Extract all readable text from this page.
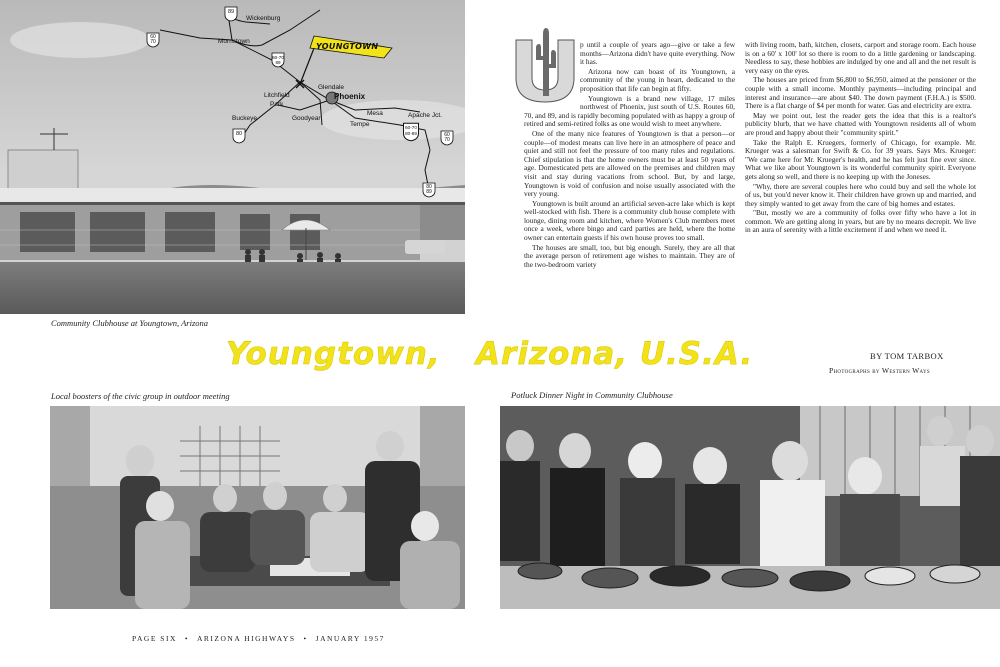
Wickenburg
Morristown
Glendale
Mesa
Litchfield
Park
Goodyear
Tempe
Buckeye	Apache Jct.
Phoenix
YOUNGTOWN
89
60
70
60-70
89
80
60-70
80-89	60
70
80
89
Community Clubhouse at Youngtown, Arizona

p until a couple of years ago—give or take a few months—Arizona didn't have quite everything. Now it has.

Arizona now can boast of its Youngtown, a community of the young in heart, dedicated to the proposition that life can begin at fifty.

Youngtown is a brand new village, 17 miles northwest of Phoenix, just south of U.S. Routes 60, 70, and 89, and is rapidly becoming populated with as happy a group of retired and semi-retired folks as one would wish to meet anywhere.

One of the many nice features of Youngtown is that a person—or couple—of modest means can live here in an atmosphere of peace and quiet and still not feel the pressure of too many rules and regulations. Chief stipulation is that the home owners must be at least 50 years of age. Domesticated pets are allowed on the premises and children may visit and stay during vacations from school. But, by and large, Youngtown is void of confusion and noise usually associated with the very young.

Youngtown is built around an artificial seven-acre lake which is kept well-stocked with fish. There is a community club house complete with lounge, dining room and kitchen, where Women's Club members meet once a week, where bingo and card parties are held, where the home owner can entertain guests if his own house proves too small.

The houses are small, too, but big enough. Surely, they are all that the average person of retirement age wishes to maintain. They are of the two-bedroom variety

with living room, bath, kitchen, closets, carport and storage room. Each house is on a 60' x 100' lot so there is room to do a little gardening or landscaping. Needless to say, these hobbies are indulged by one and all and the net result is very easy on the eyes.

The houses are priced from $6,800 to $6,950, aimed at the pensioner or the couple with a small income. Monthly payments—including principal and interest and insurance—are about $40. The down payment (F.H.A.) is $500. There is a flat charge of $4 per month for water. Gas and electricity are extra.

May we point out, lest the reader gets the idea that this is a realtor's publicity blurb, that we have chatted with Youngtown residents all of whom are proud and happy about their "community spirit."

Take the Ralph E. Kruegers, formerly of Chicago, for example. Mr. Krueger was a salesman for Swift & Co. for 39 years. Says Mrs. Krueger: "We came here for Mr. Krueger's health, and he has felt just fine ever since. What we like about Youngtown is its wonderful community spirit. Everyone gets along so well, and there is no keeping up with the Joneses.

"Why, there are several couples here who could buy and sell the whole lot of us, but you'd never know it. Their children have grown up and married, and they simply wanted to get away from the care of big homes and estates.

"But, mostly we are a community of folks over fifty who have a lot in common. We are getting along in years, but are by no means decrepit. We live in an aura of serenity with a little excitement if and when we need it.

Youngtown,   Arizona, U.S.A.	BY TOM TARBOX
Photographs by Western Ways
Local boosters of the civic group in outdoor meeting	Potluck Dinner Night in Community Clubhouse
PAGE SIX • ARIZONA HIGHWAYS • JANUARY 1957
